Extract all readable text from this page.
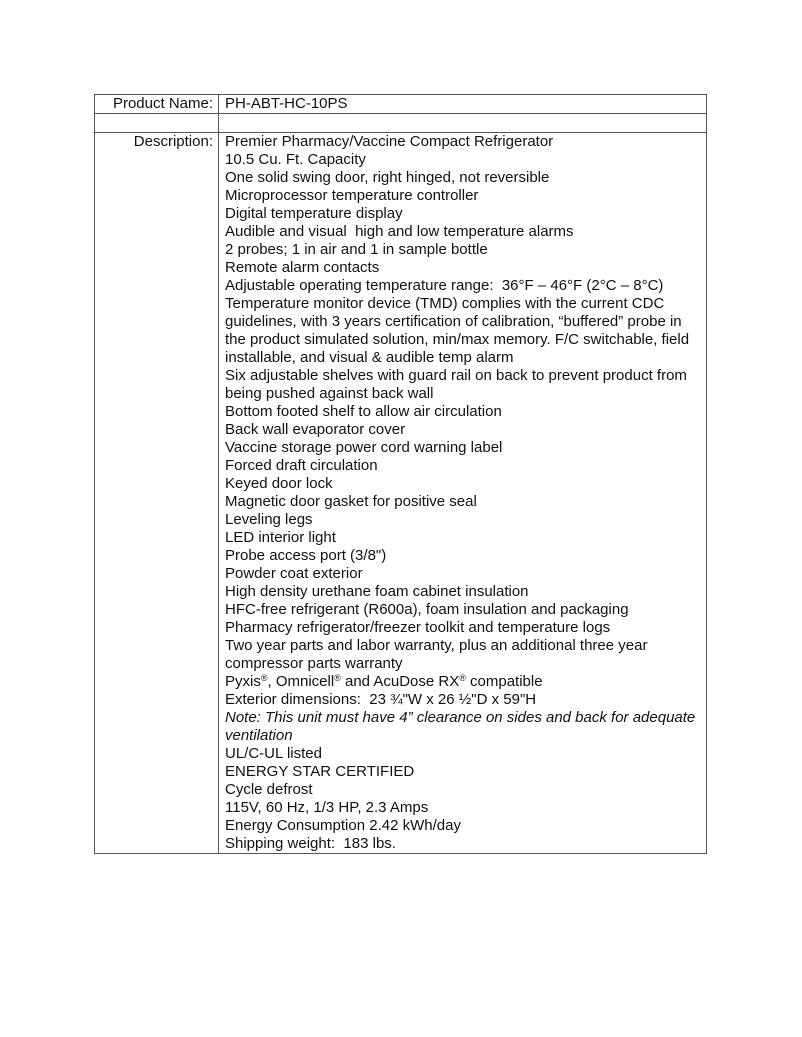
Product Name:	PH-ABT-HC-10PS

Description:	Premier Pharmacy/Vaccine Compact Refrigerator
10.5 Cu. Ft. Capacity
One solid swing door, right hinged, not reversible
Microprocessor temperature controller
Digital temperature display
Audible and visual  high and low temperature alarms
2 probes; 1 in air and 1 in sample bottle
Remote alarm contacts
Adjustable operating temperature range:  36°F – 46°F (2°C – 8°C)
Temperature monitor device (TMD) complies with the current CDC guidelines, with 3 years certification of calibration, “buffered” probe in the product simulated solution, min/max memory. F/C switchable, field installable, and visual & audible temp alarm
Six adjustable shelves with guard rail on back to prevent product from being pushed against back wall
Bottom footed shelf to allow air circulation
Back wall evaporator cover
Vaccine storage power cord warning label
Forced draft circulation
Keyed door lock
Magnetic door gasket for positive seal
Leveling legs
LED interior light
Probe access port (3/8")
Powder coat exterior
High density urethane foam cabinet insulation
HFC-free refrigerant (R600a), foam insulation and packaging
Pharmacy refrigerator/freezer toolkit and temperature logs
Two year parts and labor warranty, plus an additional three year compressor parts warranty
Pyxis®, Omnicell® and AcuDose RX® compatible
Exterior dimensions:  23 ¾"W x 26 ½"D x 59"H
Note: This unit must have 4” clearance on sides and back for adequate ventilation
UL/C-UL listed
ENERGY STAR CERTIFIED
Cycle defrost
115V, 60 Hz, 1/3 HP, 2.3 Amps
Energy Consumption 2.42 kWh/day
Shipping weight:  183 lbs.
